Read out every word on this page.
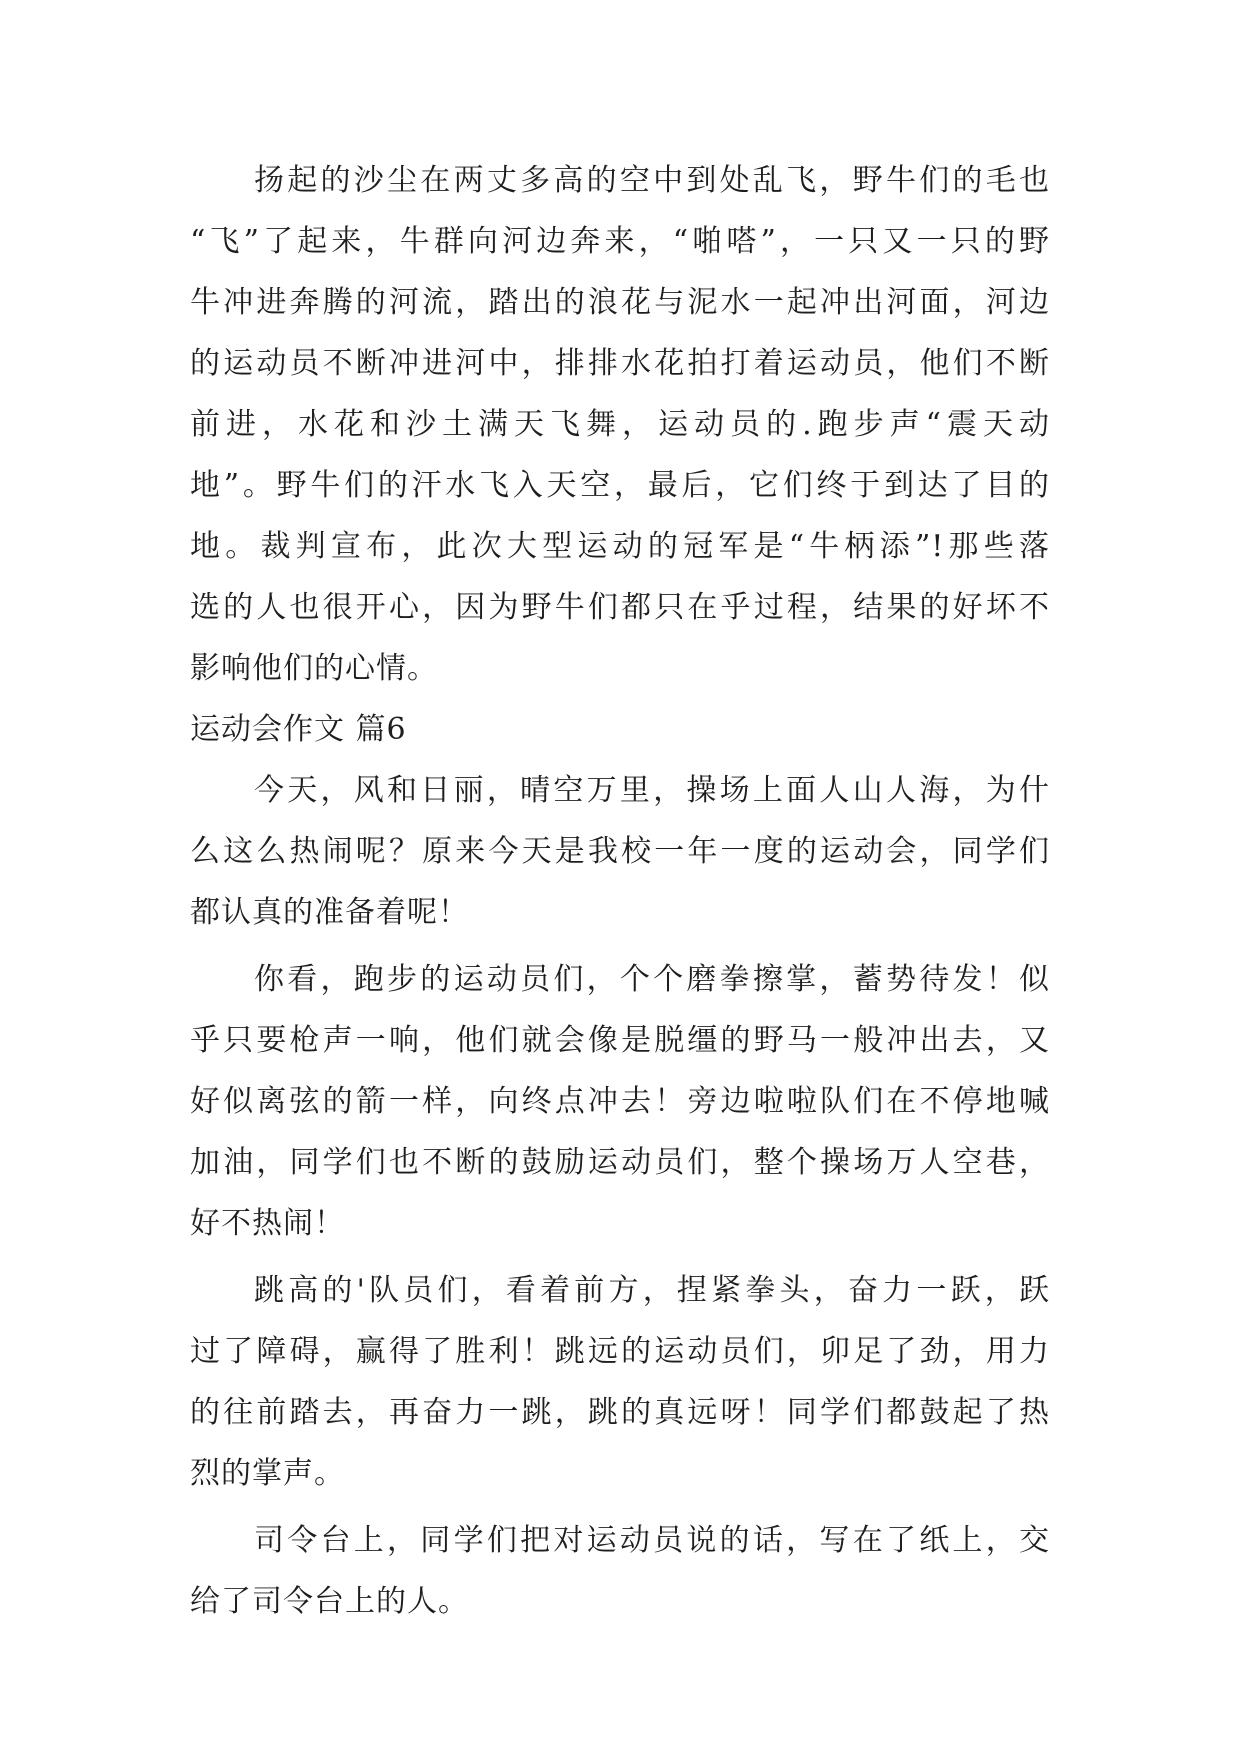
扬起的沙尘在两丈多高的空中到处乱飞，野牛们的毛也
“飞”了起来，牛群向河边奔来，“啪嗒”，一只又一只的野
牛冲进奔腾的河流，踏出的浪花与泥水一起冲出河面，河边
的运动员不断冲进河中，排排水花拍打着运动员，他们不断
前进，水花和沙土满天飞舞，运动员的.跑步声“震天动
地”。野牛们的汗水飞入天空，最后，它们终于到达了目的
地。裁判宣布，此次大型运动的冠军是“牛柄添”!那些落
选的人也很开心，因为野牛们都只在乎过程，结果的好坏不
影响他们的心情。
运动会作文 篇6
今天，风和日丽，晴空万里，操场上面人山人海，为什
么这么热闹呢？原来今天是我校一年一度的运动会，同学们
都认真的准备着呢！
你看，跑步的运动员们，个个磨拳擦掌，蓄势待发！似
乎只要枪声一响，他们就会像是脱缰的野马一般冲出去，又
好似离弦的箭一样，向终点冲去！旁边啦啦队们在不停地喊
加油，同学们也不断的鼓励运动员们，整个操场万人空巷，
好不热闹！
跳高的'队员们，看着前方，捏紧拳头，奋力一跃，跃
过了障碍，赢得了胜利！跳远的运动员们，卯足了劲，用力
的往前踏去，再奋力一跳，跳的真远呀！同学们都鼓起了热
烈的掌声。
司令台上，同学们把对运动员说的话，写在了纸上，交
给了司令台上的人。
